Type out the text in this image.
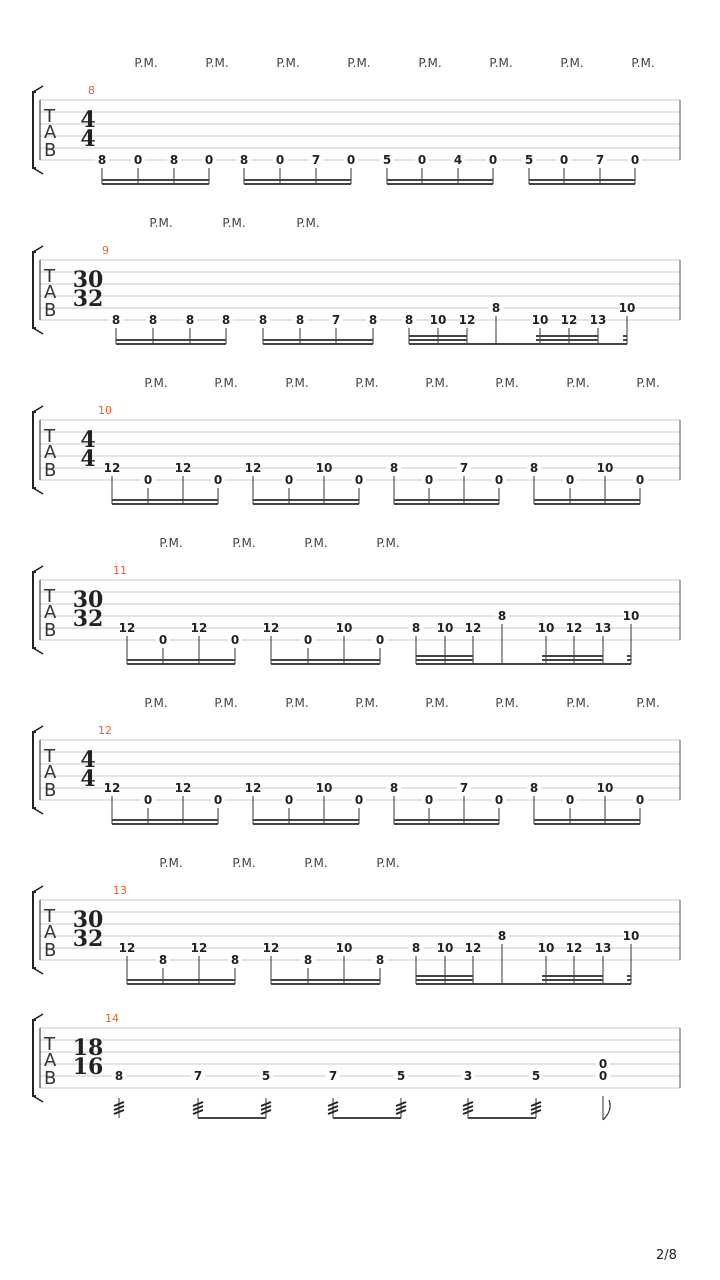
T
A
B
8
4
4
P.M.	P.M.	P.M.	P.M.	P.M.	P.M.	P.M.	P.M.
8 0 8 0 8 0 7 0 5 0 4 0 5 0 7 0
T
A
B
9
30
32
P.M.	P.M.	P.M.
8 8 8 8 8 8 7 8 8 10 12
8
10 12 13
10
T
A
B
10
4
4
P.M.	P.M.	P.M.	P.M.	P.M.	P.M.	P.M.	P.M.
12
0
12
0
12
0
10
0
8
0
7
0
8
0
10
0
T
A
B
11
30
32
P.M.	P.M.	P.M.	P.M.
12
0
12
0
12
0
10
0
8 10 12
8
10 12 13
10
T
A
B
12
4
4
P.M.	P.M.	P.M.	P.M.	P.M.	P.M.	P.M.	P.M.
12
0
12
0
12
0
10
0
8
0
7
0
8
0
10
0
T
A
B
13
30
32
P.M.	P.M.	P.M.	P.M.
12
8
12
8
12
8
10
8
8 10 12
8
10 12 13
10
T
A
B
14
18
16 8	7	5	7	5	3	5
0
0
2/8
